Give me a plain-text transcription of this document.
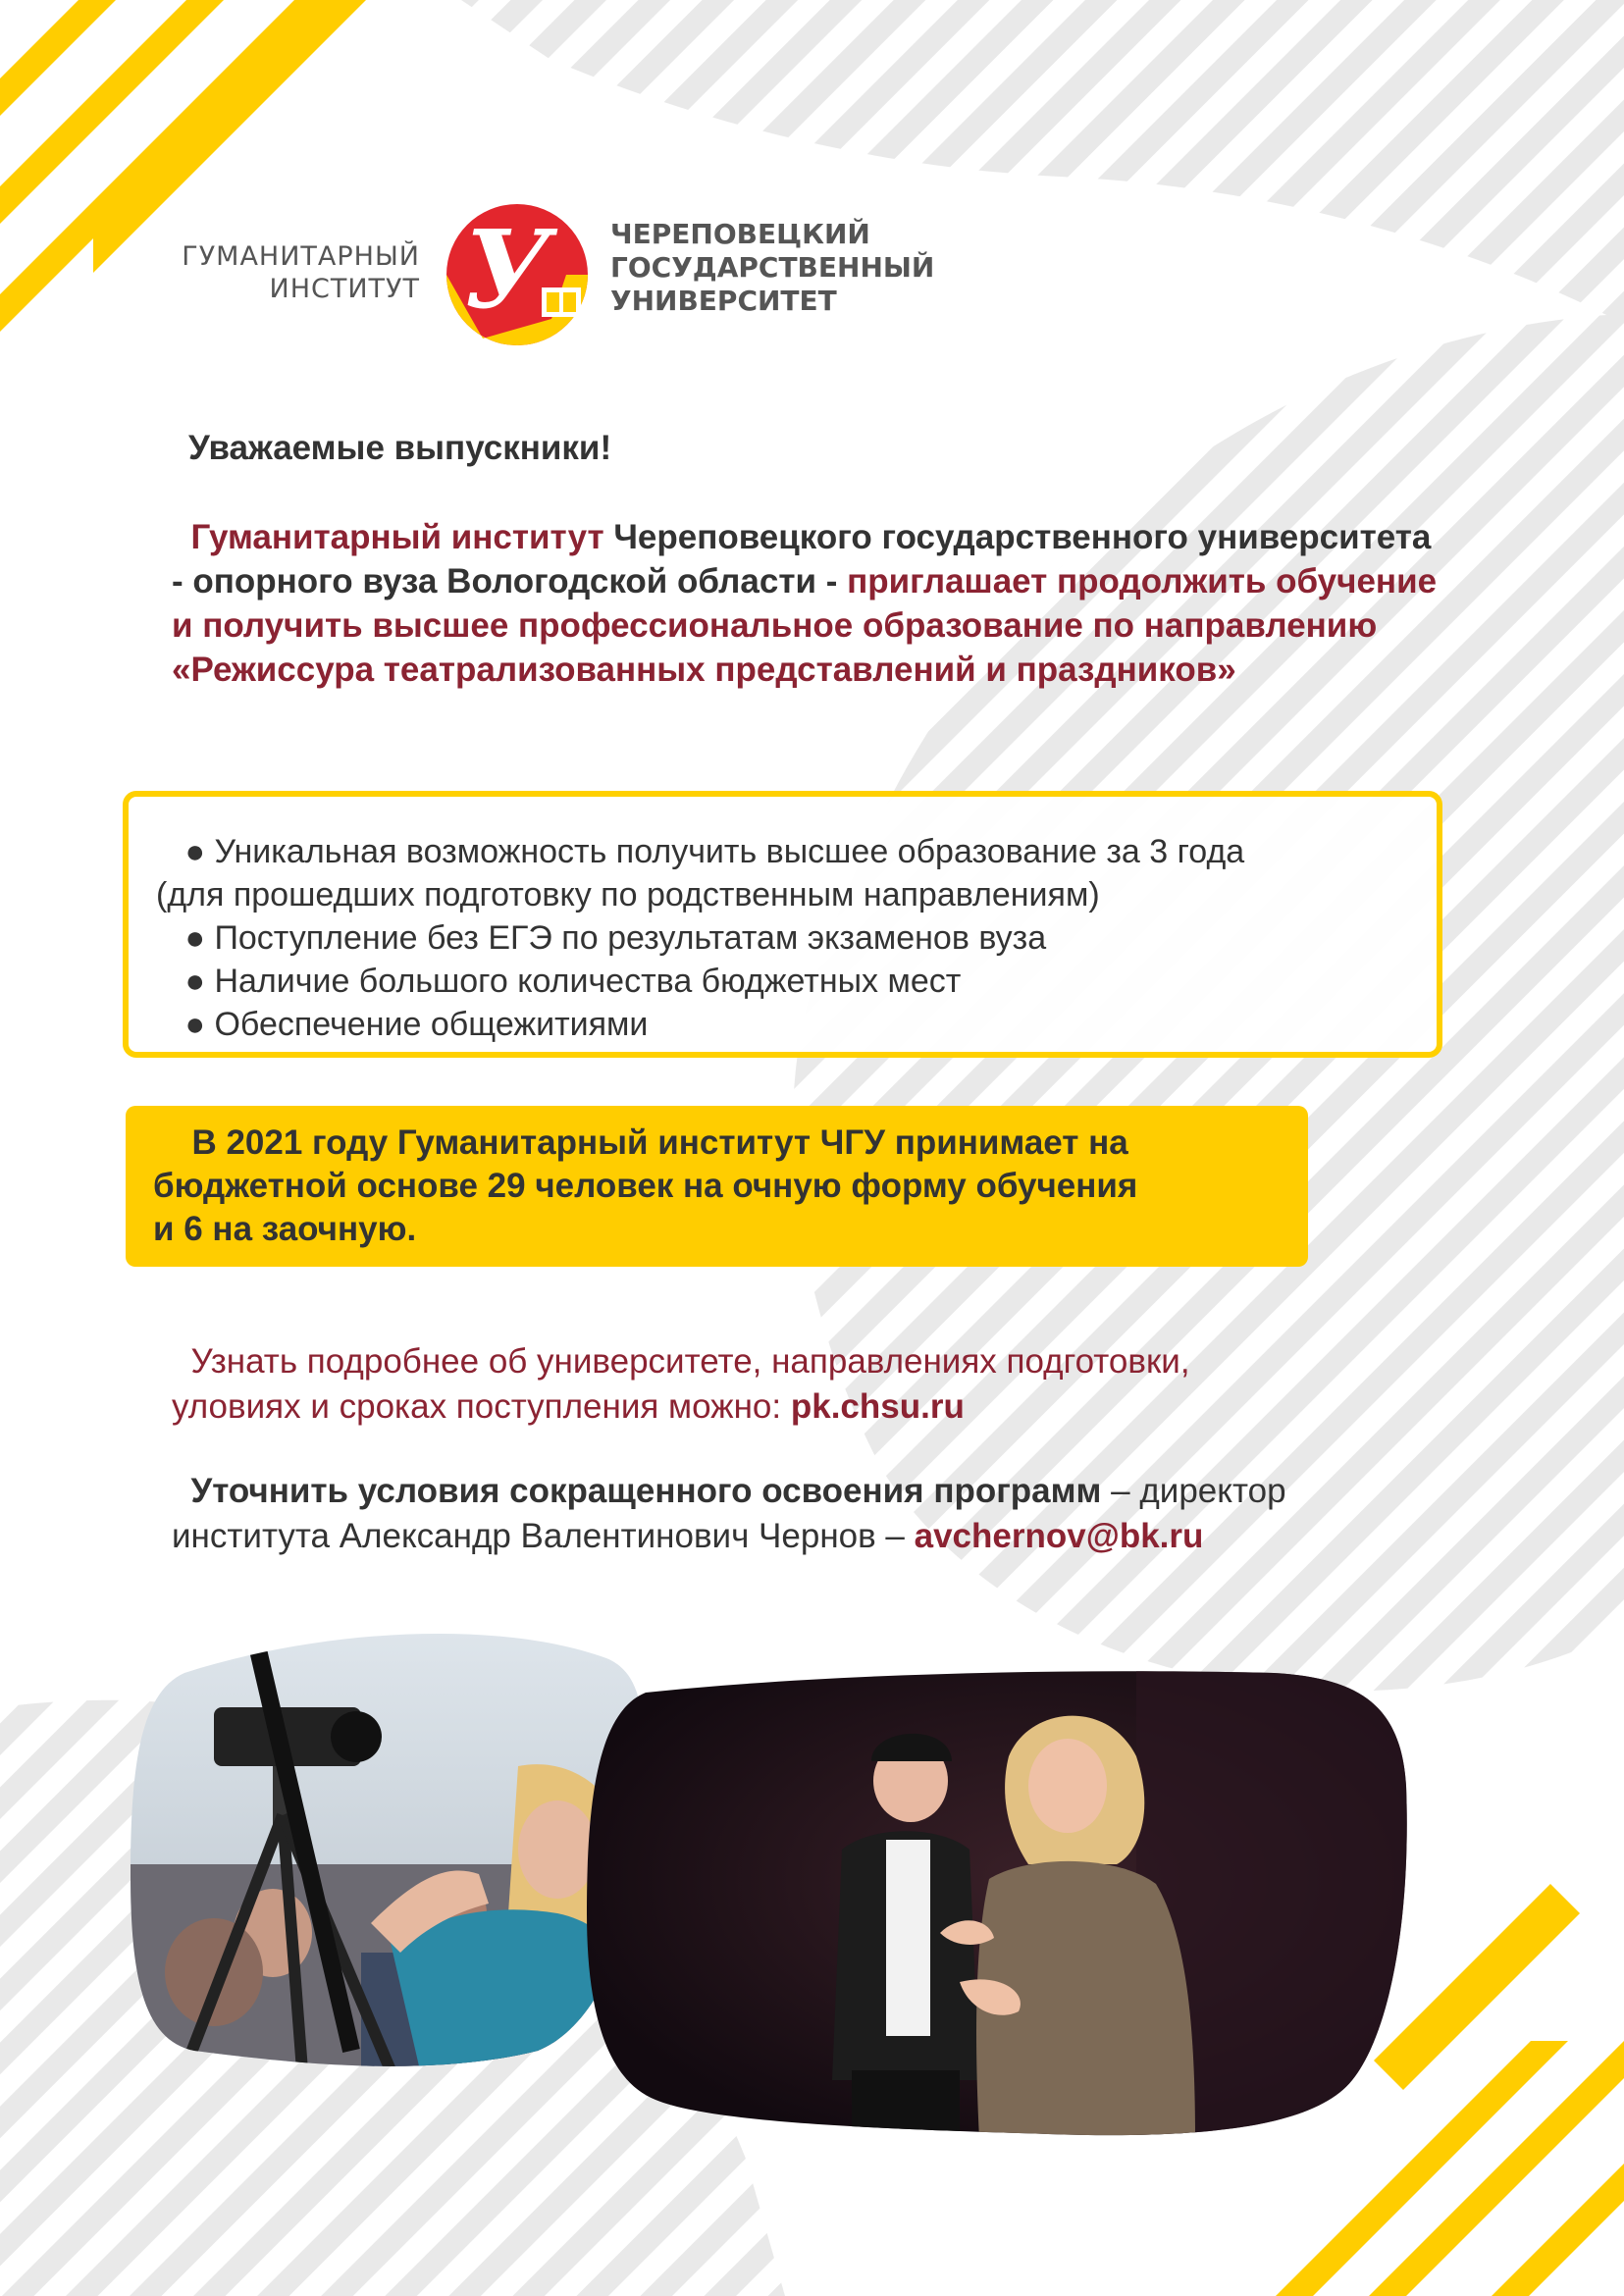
ГУМАНИТАРНЫЙ
ИНСТИТУТ У ЧЕРЕПОВЕЦКИЙ
ГОСУДАРСТВЕННЫЙ
УНИВЕРСИТЕТ
Уважаемые выпускники!
Гуманитарный институт Череповецкого государственного университета - опорного вуза Вологодской области - приглашает продолжить обучение и получить высшее профессиональное образование по направлению «Режиссура театрализованных представлений и праздников»
● Уникальная возможность получить высшее образование за 3 года
(для прошедших подготовку по родственным направлениям)
● Поступление без ЕГЭ по результатам экзаменов вуза
● Наличие большого количества бюджетных мест
● Обеспечение общежитиями
В 2021 году Гуманитарный институт ЧГУ принимает на
бюджетной основе 29 человек на очную форму обучения
и 6 на заочную.
Узнать подробнее об университете, направлениях подготовки,
уловиях и сроках поступления можно: pk.chsu.ru
Уточнить условия сокращенного освоения программ – директор
института Александр Валентинович Чернов – avchernov@bk.ru
